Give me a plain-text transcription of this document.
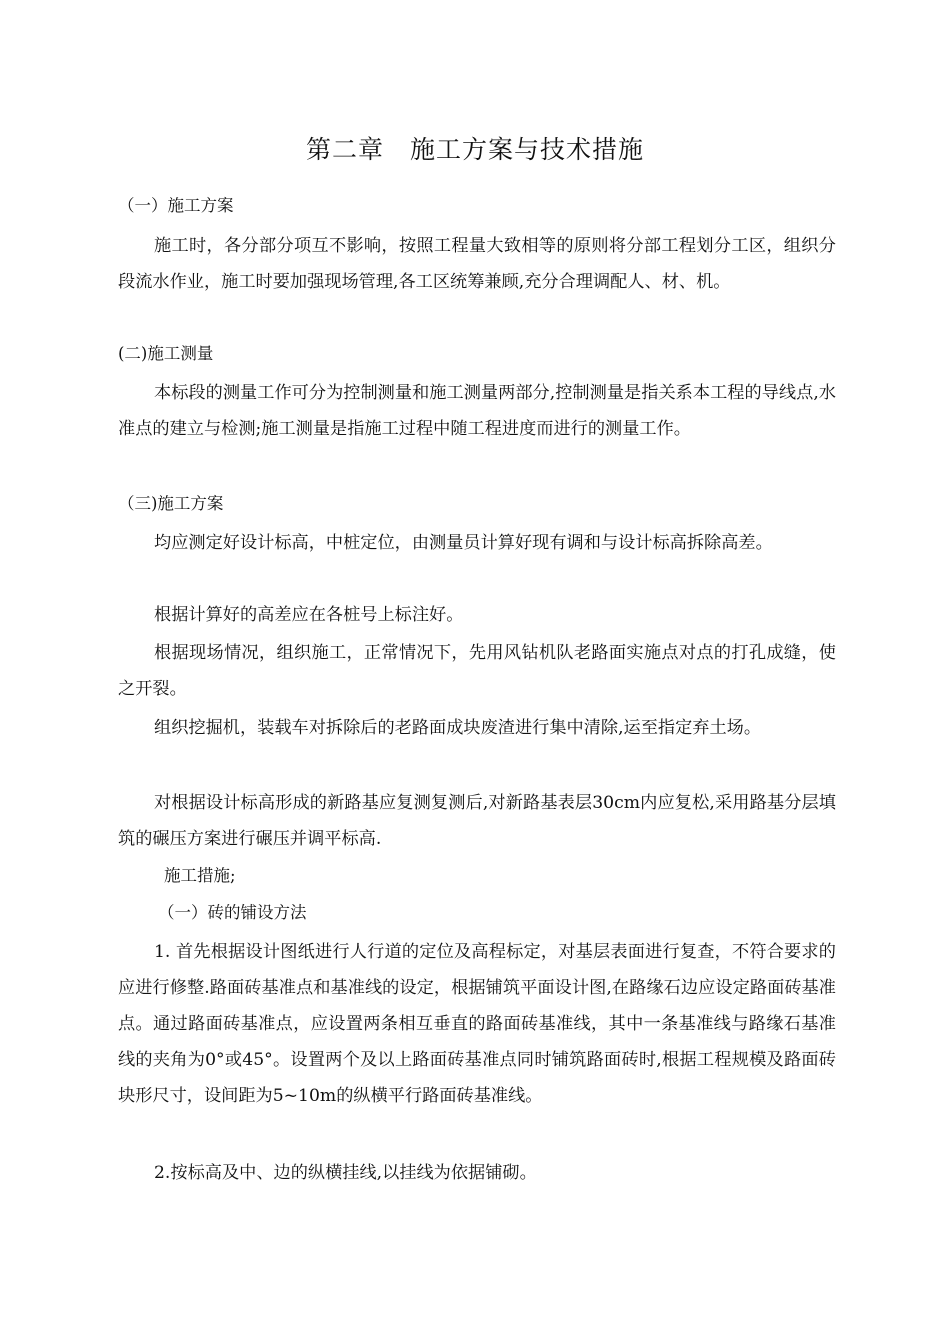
第二章　施工方案与技术措施
（一）施工方案
施工时，各分部分项互不影响，按照工程量大致相等的原则将分部工程划分工区，组织分段流水作业，施工时要加强现场管理,各工区统筹兼顾,充分合理调配人、材、机。
(二)施工测量
本标段的测量工作可分为控制测量和施工测量两部分,控制测量是指关系本工程的导线点,水准点的建立与检测;施工测量是指施工过程中随工程进度而进行的测量工作。
（三)施工方案
均应测定好设计标高，中桩定位，由测量员计算好现有调和与设计标高拆除高差。
根据计算好的高差应在各桩号上标注好。
根据现场情况，组织施工，正常情况下，先用风钻机队老路面实施点对点的打孔成缝，使之开裂。
组织挖掘机，装载车对拆除后的老路面成块废渣进行集中清除,运至指定弃土场。
对根据设计标高形成的新路基应复测复测后,对新路基表层30cm内应复松,采用路基分层填筑的碾压方案进行碾压并调平标高.
施工措施;
（一）砖的铺设方法
1. 首先根据设计图纸进行人行道的定位及高程标定，对基层表面进行复查，不符合要求的应进行修整.路面砖基准点和基准线的设定，根据铺筑平面设计图,在路缘石边应设定路面砖基准点。通过路面砖基准点，应设置两条相互垂直的路面砖基准线，其中一条基准线与路缘石基准线的夹角为0°或45°。设置两个及以上路面砖基准点同时铺筑路面砖时,根据工程规模及路面砖块形尺寸，设间距为5~10m的纵横平行路面砖基准线。
2.按标高及中、边的纵横挂线,以挂线为依据铺砌。
